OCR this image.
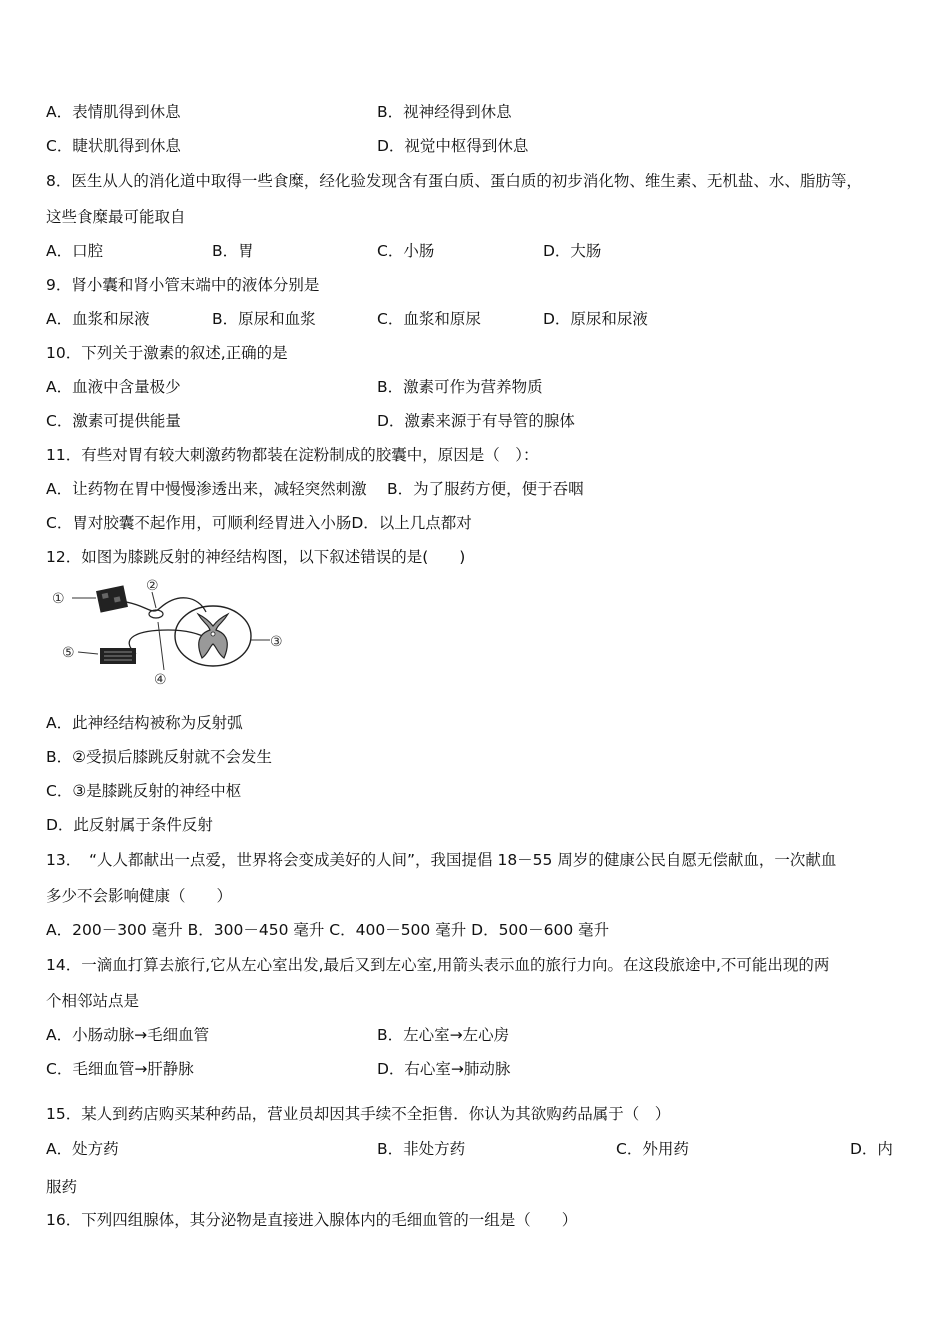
A．表情肌得到休息	B．视神经得到休息
C．睫状肌得到休息	D．视觉中枢得到休息
8．医生从人的消化道中取得一些食糜，经化验发现含有蛋白质、蛋白质的初步消化物、维生素、无机盐、水、脂肪等，
这些食糜最可能取自
A．口腔	B．胃	C．小肠	D．大肠
9．肾小囊和肾小管末端中的液体分别是
A．血浆和尿液	B．原尿和血浆	C．血浆和原尿	D．原尿和尿液
10．下列关于激素的叙述,正确的是
A．血液中含量极少	B．激素可作为营养物质
C．激素可提供能量	D．激素来源于有导管的腺体
11．有些对胃有较大刺激药物都装在淀粉制成的胶囊中，原因是（　）：
A．让药物在胃中慢慢渗透出来，减轻突然刺激　 B．为了服药方便，便于吞咽
C．胃对胶囊不起作用，可顺利经胃进入小肠D．以上几点都对
12．如图为膝跳反射的神经结构图，以下叙述错误的是(　　)
①
②
③
④
⑤
A．此神经结构被称为反射弧
B．②受损后膝跳反射就不会发生
C．③是膝跳反射的神经中枢
D．此反射属于条件反射
13．　“人人都献出一点爱，世界将会变成美好的人间”，我国提倡 18－55 周岁的健康公民自愿无偿献血，一次献血
多少不会影响健康（　　）
A．200－300 毫升 B．300－450 毫升 C．400－500 毫升 D．500－600 毫升
14．一滴血打算去旅行,它从左心室出发,最后又到左心室,用箭头表示血的旅行力向。在这段旅途中,不可能出现的两
个相邻站点是
A．小肠动脉→毛细血管	B．左心室→左心房
C．毛细血管→肝静脉	D．右心室→肺动脉
15．某人到药店购买某种药品，营业员却因其手续不全拒售．你认为其欲购药品属于（　）
A．处方药	B．非处方药	C．外用药	D．内
服药
16．下列四组腺体，其分泌物是直接进入腺体内的毛细血管的一组是（　　）
